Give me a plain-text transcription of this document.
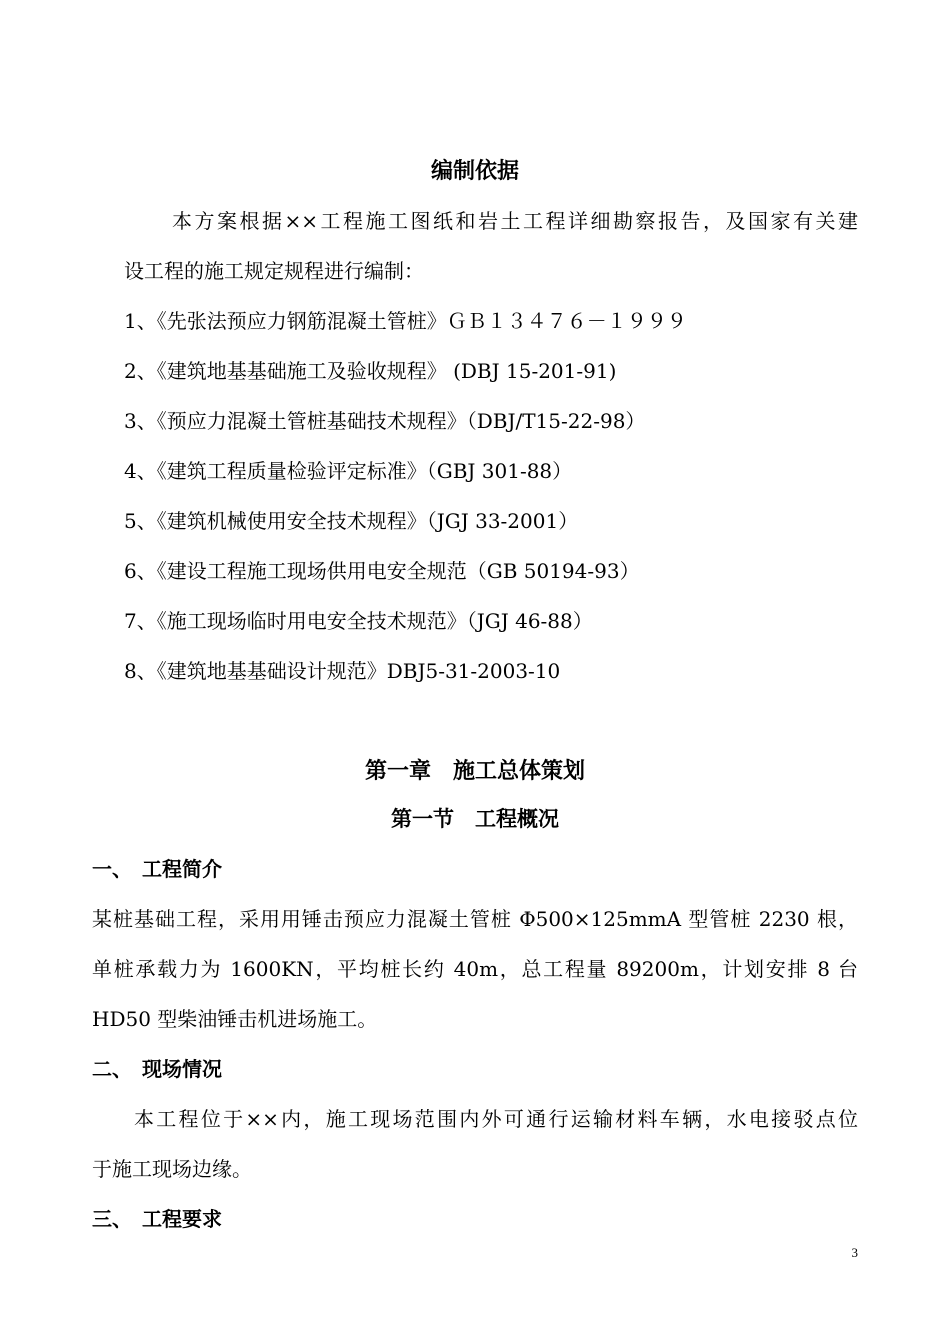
编制依据
本方案根据××工程施工图纸和岩土工程详细勘察报告，及国家有关建
设工程的施工规定规程进行编制：
1、《先张法预应力钢筋混凝土管桩》ＧＢ１３４７６－１９９９
2、《建筑地基基础施工及验收规程》 (DBJ 15-201-91)
3、《预应力混凝土管桩基础技术规程》（DBJ/T15-22-98）
4、《建筑工程质量检验评定标准》（GBJ 301-88）
5、《建筑机械使用安全技术规程》（JGJ 33-2001）
6、《建设工程施工现场供用电安全规范（GB 50194-93）
7、《施工现场临时用电安全技术规范》（JGJ 46-88）
8、《建筑地基基础设计规范》DBJ5-31-2003-10
第一章　施工总体策划
第一节　工程概况
一、　工程简介
某桩基础工程，采用用锤击预应力混凝土管桩 Φ500×125mmA 型管桩 2230 根，
单桩承载力为 1600KN，平均桩长约 40m，总工程量 89200m，计划安排 8 台
HD50 型柴油锤击机进场施工。
二、　现场情况
本工程位于××内，施工现场范围内外可通行运输材料车辆，水电接驳点位
于施工现场边缘。
三、　工程要求
3
